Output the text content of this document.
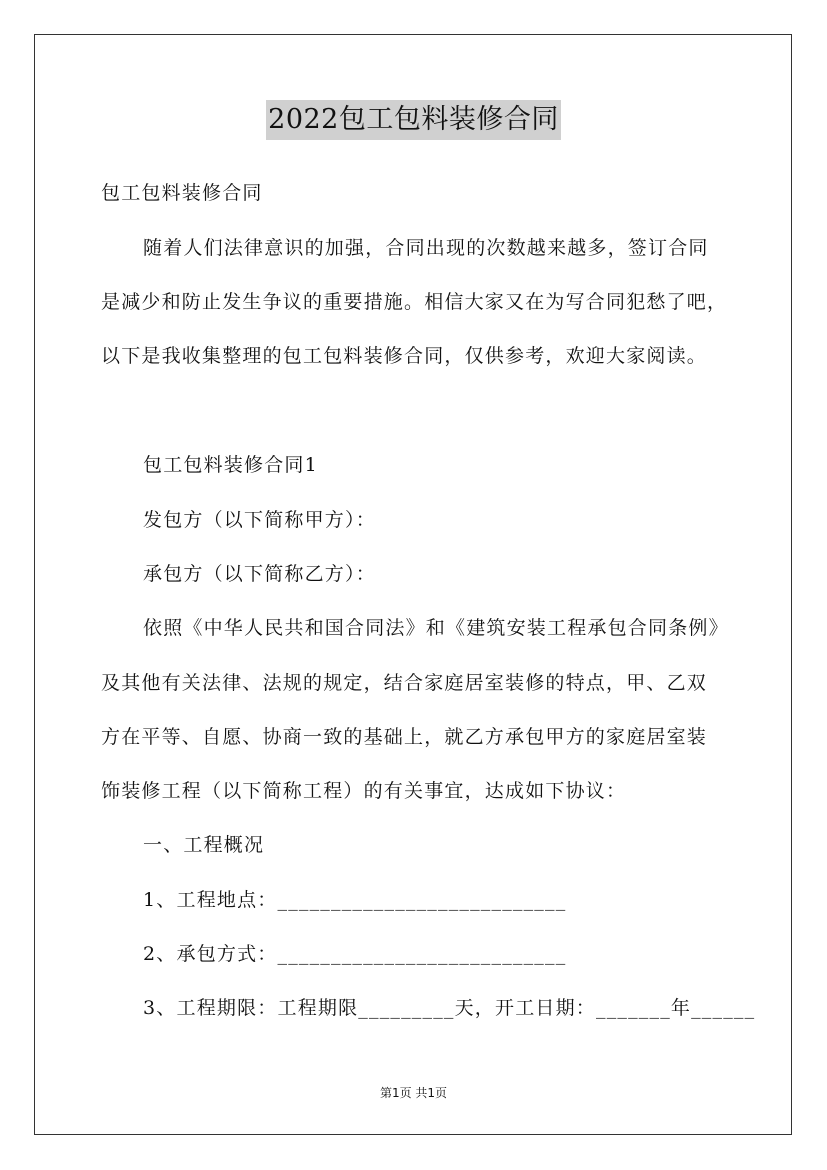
2022包工包料装修合同
包工包料装修合同
随着人们法律意识的加强，合同出现的次数越来越多，签订合同
是减少和防止发生争议的重要措施。相信大家又在为写合同犯愁了吧，
以下是我收集整理的包工包料装修合同，仅供参考，欢迎大家阅读。
包工包料装修合同1
发包方（以下简称甲方）：
承包方（以下简称乙方）：
依照《中华人民共和国合同法》和《建筑安装工程承包合同条例》
及其他有关法律、法规的规定，结合家庭居室装修的特点，甲、乙双
方在平等、自愿、协商一致的基础上，就乙方承包甲方的家庭居室装
饰装修工程（以下简称工程）的有关事宜，达成如下协议：
一、工程概况
1、工程地点：___________________________
2、承包方式：___________________________
3、工程期限：工程期限_________天，开工日期：_______年______
第1页 共1页
